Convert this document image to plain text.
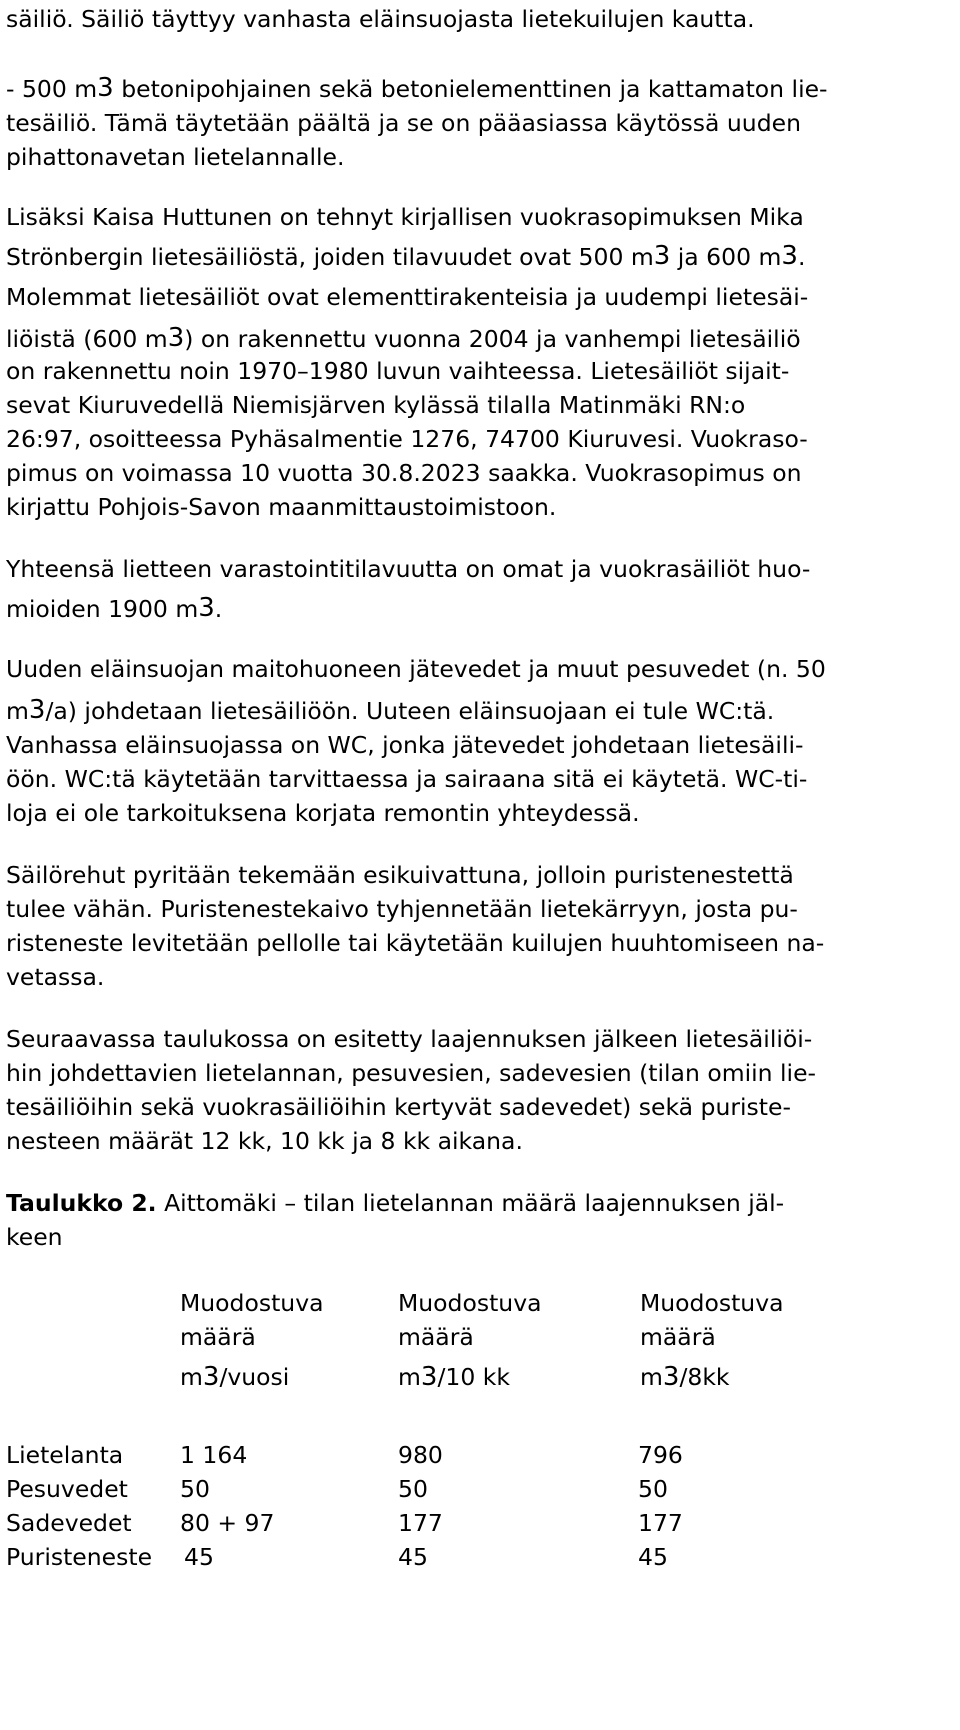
säiliö. Säiliö täyttyy vanhasta eläinsuojasta lietekuilujen kautta.
- 500 $m^3$ betonipohjainen sekä betonielementtinen ja kattamaton lie-
tesäiliö. Tämä täytetään päältä ja se on pääasiassa käytössä uuden
pihattonavetan lietelannalle.
Lisäksi Kaisa Huttunen on tehnyt kirjallisen vuokrasopimuksen Mika
Strönbergin lietesäiliöstä, joiden tilavuudet ovat 500 $m^3$ ja 600 $m^3$.
Molemmat lietesäiliöt ovat elementtirakenteisia ja uudempi lietesäi-
liöistä (600 $m^3$) on rakennettu vuonna 2004 ja vanhempi lietesäiliö
on rakennettu noin 1970–1980 luvun vaihteessa. Lietesäiliöt sijait-
sevat Kiuruvedellä Niemisjärven kylässä tilalla Matinmäki RN:o
26:97, osoitteessa Pyhäsalmentie 1276, 74700 Kiuruvesi. Vuokraso-
pimus on voimassa 10 vuotta 30.8.2023 saakka. Vuokrasopimus on
kirjattu Pohjois-Savon maanmittaustoimistoon.
Yhteensä lietteen varastointitilavuutta on omat ja vuokrasäiliöt huo-
mioiden 1900 $m^3$.
Uuden eläinsuojan maitohuoneen jätevedet ja muut pesuvedet (n. 50
$m^3/a$) johdetaan lietesäiliöön. Uuteen eläinsuojaan ei tule WC:tä.
Vanhassa eläinsuojassa on WC, jonka jätevedet johdetaan lietesäili-
öön. WC:tä käytetään tarvittaessa ja sairaana sitä ei käytetä. WC-ti-
loja ei ole tarkoituksena korjata remontin yhteydessä.
Säilörehut pyritään tekemään esikuivattuna, jolloin puristenestettä
tulee vähän. Puristenestekaivo tyhjennetään lietekärryyn, josta pu-
risteneste levitetään pellolle tai käytetään kuilujen huuhtomiseen na-
vetassa.
Seuraavassa taulukossa on esitetty laajennuksen jälkeen lietesäiliöi-
hin johdettavien lietelannan, pesuvesien, sadevesien (tilan omiin lie-
tesäiliöihin sekä vuokrasäiliöihin kertyvät sadevedet) sekä puriste-
nesteen määrät 12 kk, 10 kk ja 8 kk aikana.
Taulukko 2. Aittomäki – tilan lietelannan määrä laajennuksen jäl-
keen
Muodostuva
määrä
m3/vuosi
Muodostuva
määrä
m3/10 kk
Muodostuva
määrä
m3/8kk
Lietelanta 1 164	980	796
Pesuvedet 50	50	50
Sadevedet 80 + 97	177	177
Puristeneste 45	45	45
